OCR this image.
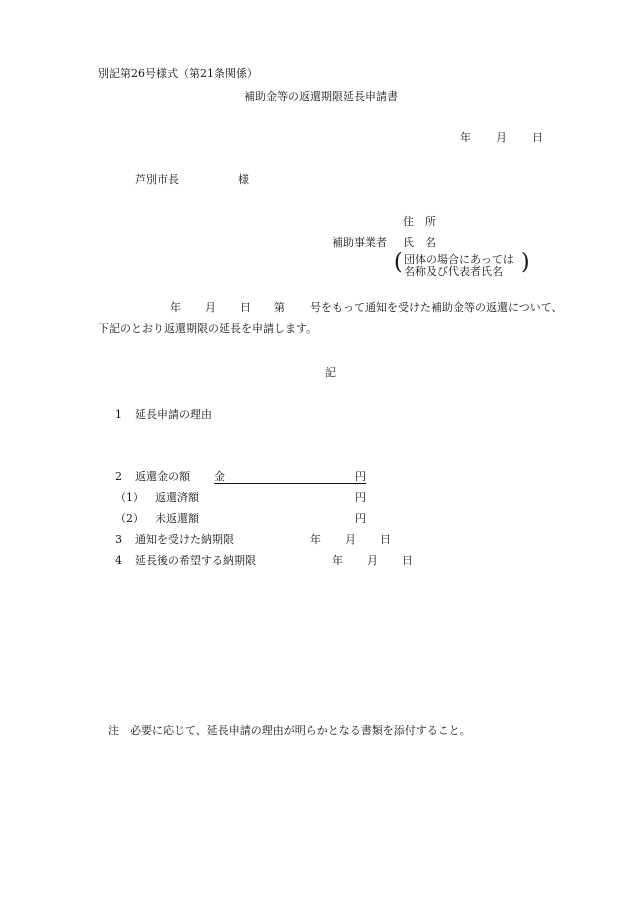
別記第26号様式（第21条関係）
補助金等の返還期限延長申請書
年 月 日
芦別市長	様
住　所
補助事業者 氏　名
( 団体の場合にあっては
名称及び代表者氏名 )
年 月 日 第 号をもって通知を受けた補助金等の返還について、
下記のとおり返還期限の延長を申請します。
記
1 延長申請の理由
2 返還金の額 金	円
（1） 返還済額	円
（2） 未返還額	円
3 通知を受けた納期限	年 月 日
4 延長後の希望する納期限	年 月 日
注 必要に応じて、延長申請の理由が明らかとなる書類を添付すること。
